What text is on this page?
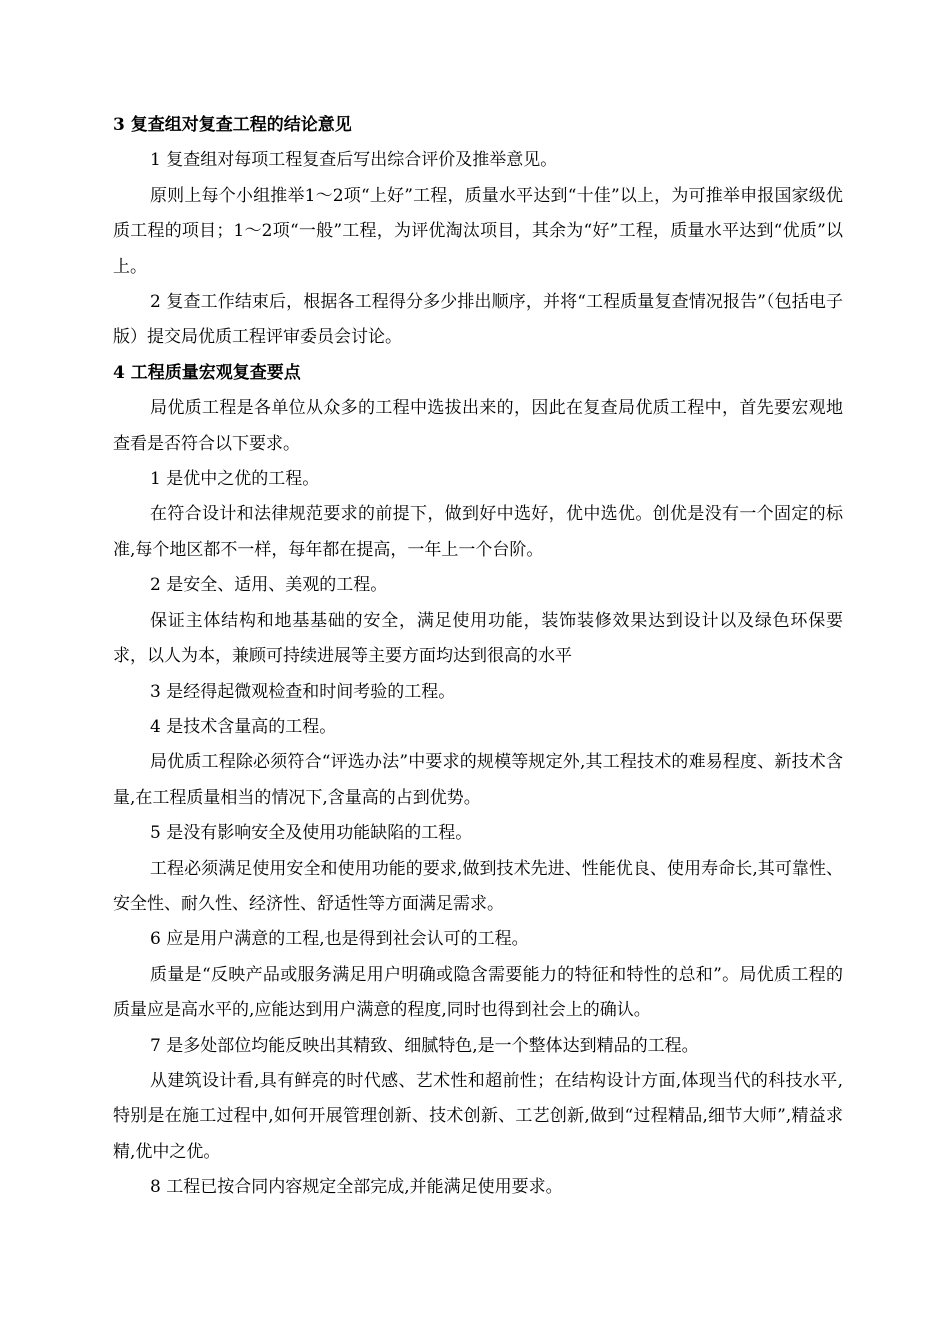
3 复查组对复查工程的结论意见

1 复查组对每项工程复查后写出综合评价及推举意见。

原则上每个小组推举1～2项“上好”工程，质量水平达到“十佳”以上，为可推举申报国家级优质工程的项目；1～2项“一般”工程，为评优淘汰项目，其余为“好”工程，质量水平达到“优质”以上。

2 复查工作结束后，根据各工程得分多少排出顺序，并将“工程质量复查情况报告”（包括电子版）提交局优质工程评审委员会讨论。

4 工程质量宏观复查要点

局优质工程是各单位从众多的工程中选拔出来的，因此在复查局优质工程中，首先要宏观地查看是否符合以下要求。

1 是优中之优的工程。

在符合设计和法律规范要求的前提下，做到好中选好，优中选优。创优是没有一个固定的标准,每个地区都不一样，每年都在提高，一年上一个台阶。

2 是安全、适用、美观的工程。

保证主体结构和地基基础的安全，满足使用功能，装饰装修效果达到设计以及绿色环保要求，以人为本，兼顾可持续进展等主要方面均达到很高的水平

3 是经得起微观检查和时间考验的工程。

4 是技术含量高的工程。

局优质工程除必须符合“评选办法”中要求的规模等规定外,其工程技术的难易程度、新技术含量,在工程质量相当的情况下,含量高的占到优势。

5 是没有影响安全及使用功能缺陷的工程。

工程必须满足使用安全和使用功能的要求,做到技术先进、性能优良、使用寿命长,其可靠性、安全性、耐久性、经济性、舒适性等方面满足需求。

6 应是用户满意的工程,也是得到社会认可的工程。

质量是“反映产品或服务满足用户明确或隐含需要能力的特征和特性的总和”。局优质工程的质量应是高水平的,应能达到用户满意的程度,同时也得到社会上的确认。

7 是多处部位均能反映出其精致、细腻特色,是一个整体达到精品的工程。

从建筑设计看,具有鲜亮的时代感、艺术性和超前性；在结构设计方面,体现当代的科技水平,特别是在施工过程中,如何开展管理创新、技术创新、工艺创新,做到“过程精品,细节大师”,精益求精,优中之优。

8 工程已按合同内容规定全部完成,并能满足使用要求。
